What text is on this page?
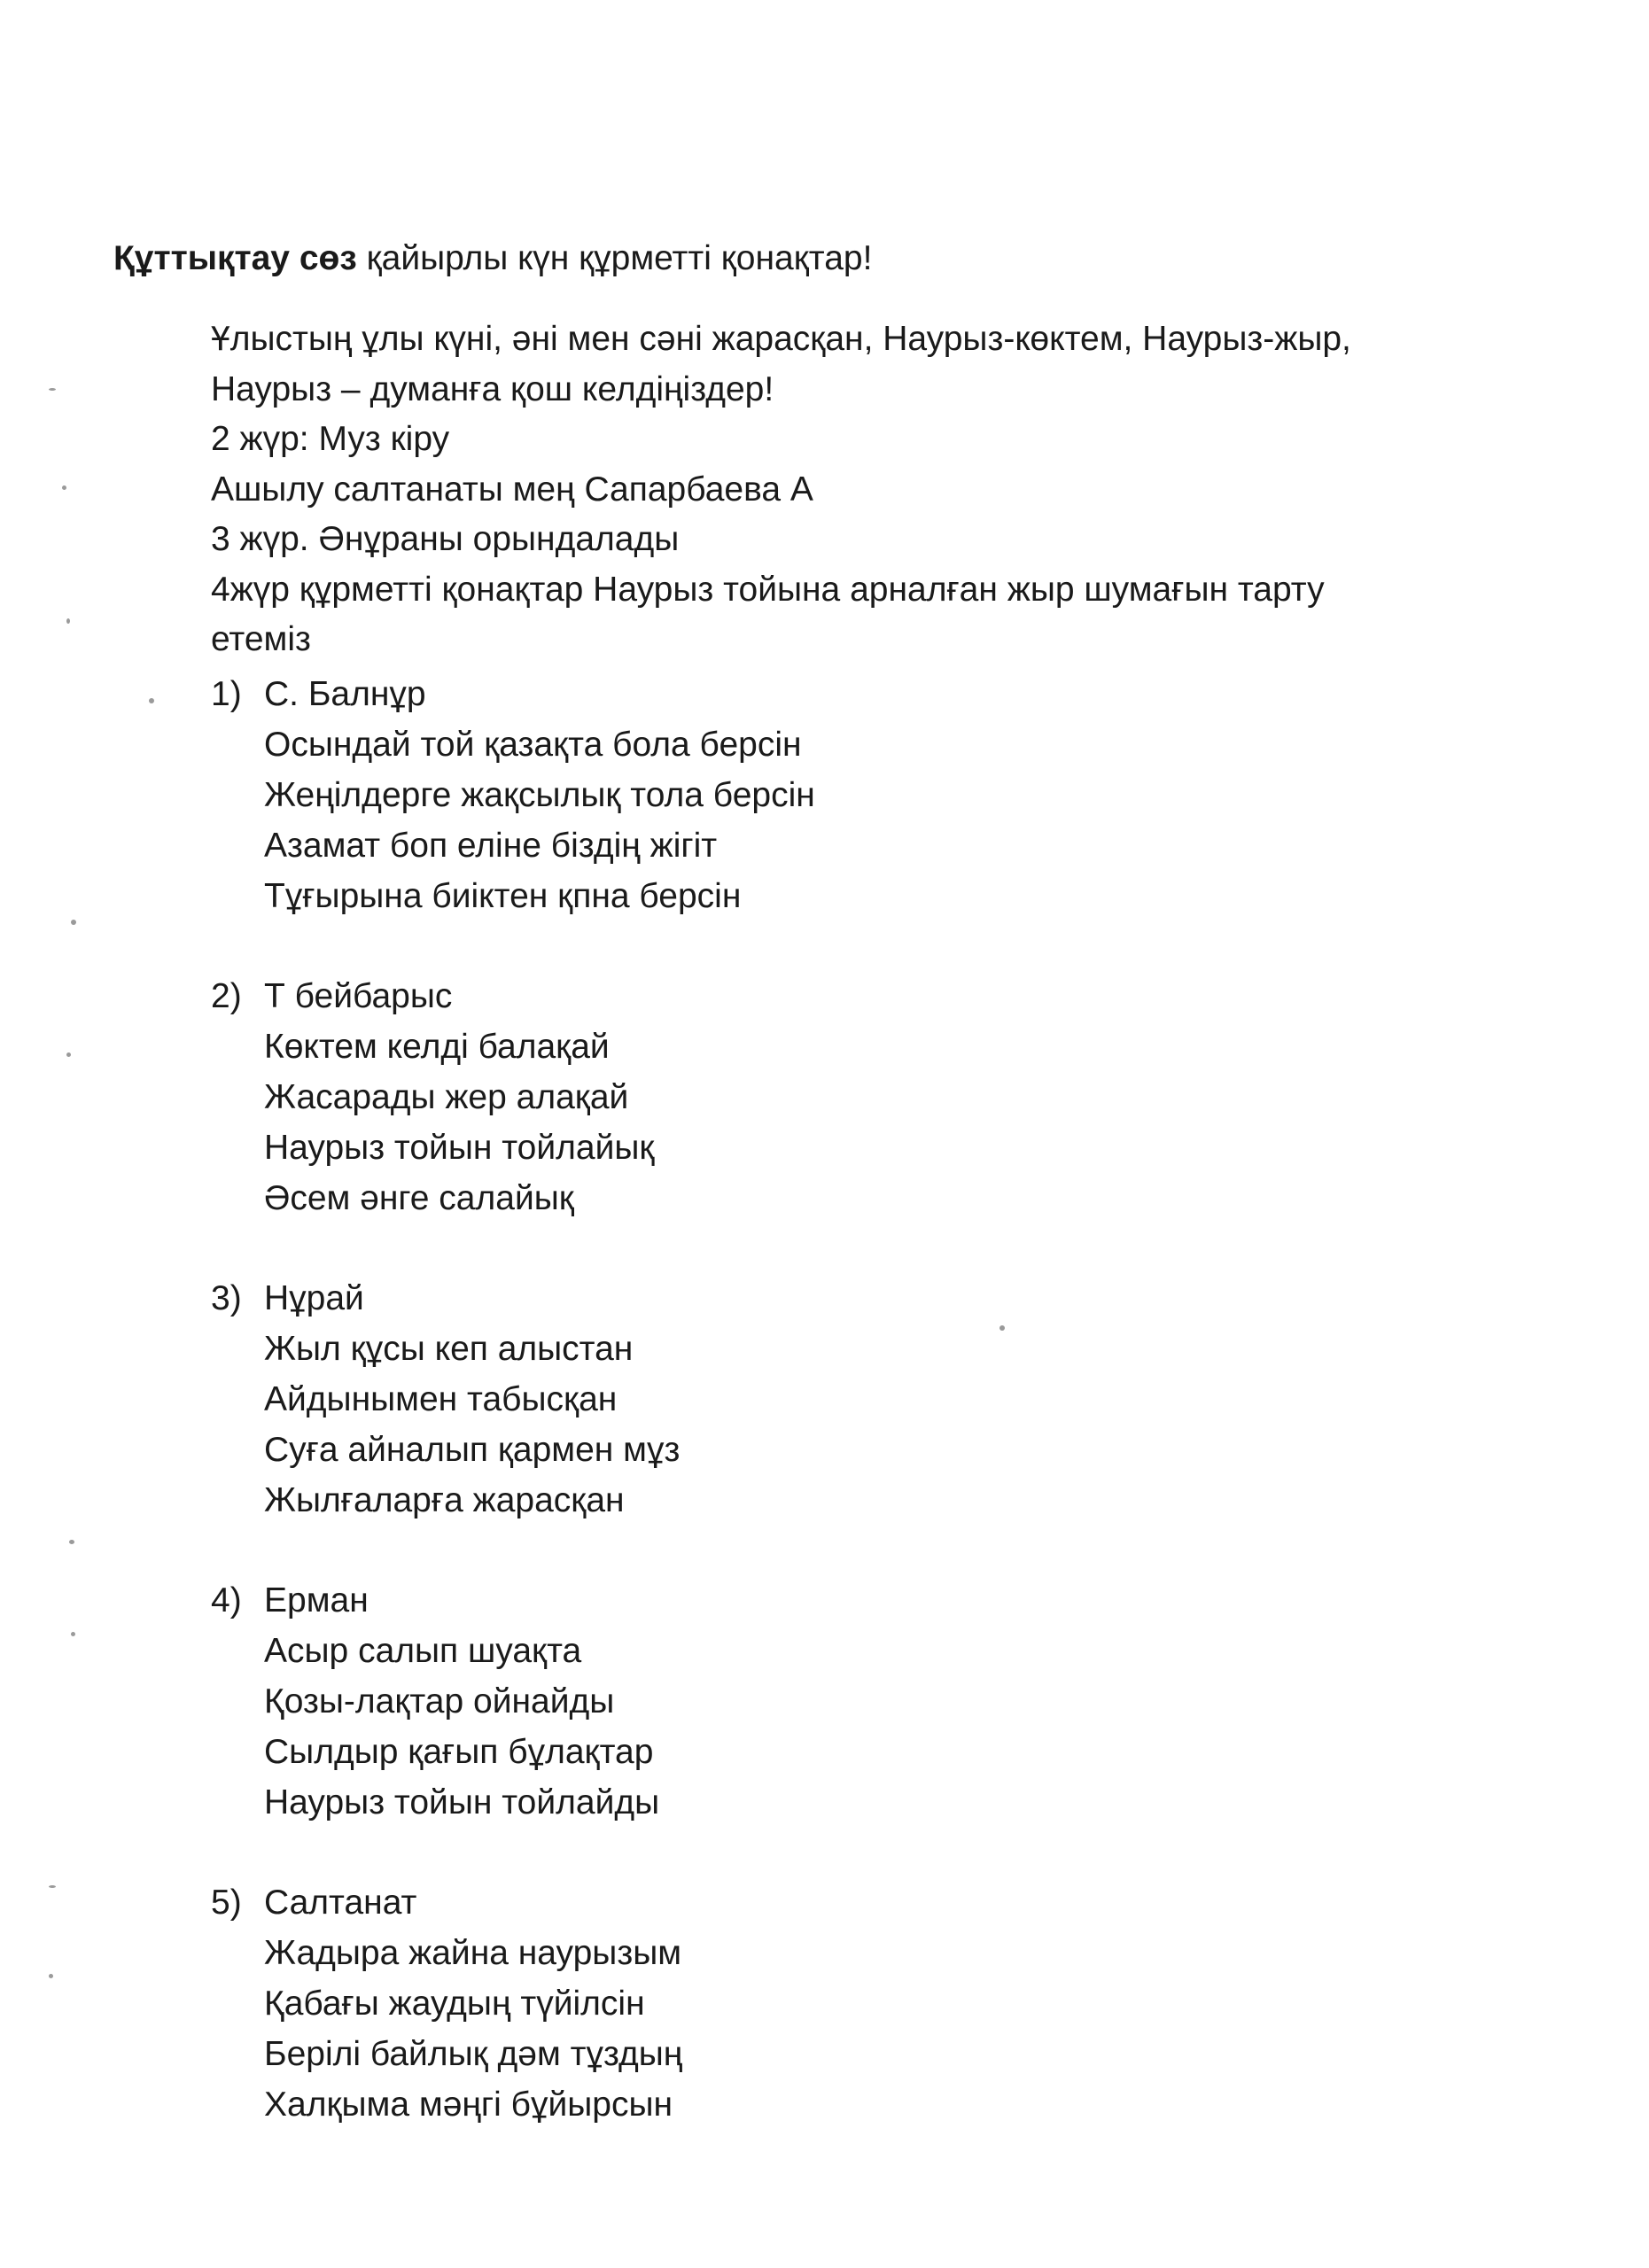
Құттықтау сөз қайырлы күн құрметті қонақтар!
Ұлыстың ұлы күні, әні мен сәні жарасқан, Наурыз-көктем, Наурыз-жыр,
Наурыз – думанға қош келдіңіздер!
2 жүр: Муз кіру
Ашылу салтанаты мең Сапарбаева А
3 жүр. Әнұраны орындалады
4жүр құрметті қонақтар Наурыз тойына арналған жыр шумағын тарту
етеміз
1) С. Балнұр
Осындай той қазақта бола берсін
Жеңілдерге жақсылық тола берсін
Азамат боп еліне біздің жігіт
Тұғырына биіктен қпна берсін
2) Т бейбарыс
Көктем келді балақай
Жасарады жер алақай
Наурыз тойын тойлайық
Әсем әнге салайық
3) Нұрай
Жыл құсы кеп алыстан
Айдынымен табысқан
Суға айналып қармен мұз
Жылғаларға жарасқан
4) Ерман
Асыр салып шуақта
Қозы-лақтар ойнайды
Сылдыр қағып бұлақтар
Наурыз тойын тойлайды
5) Салтанат
Жадыра жайна наурызым
Қабағы жаудың түйілсін
Берілі байлық дәм тұздың
Халқыма мәңгі бұйырсын
